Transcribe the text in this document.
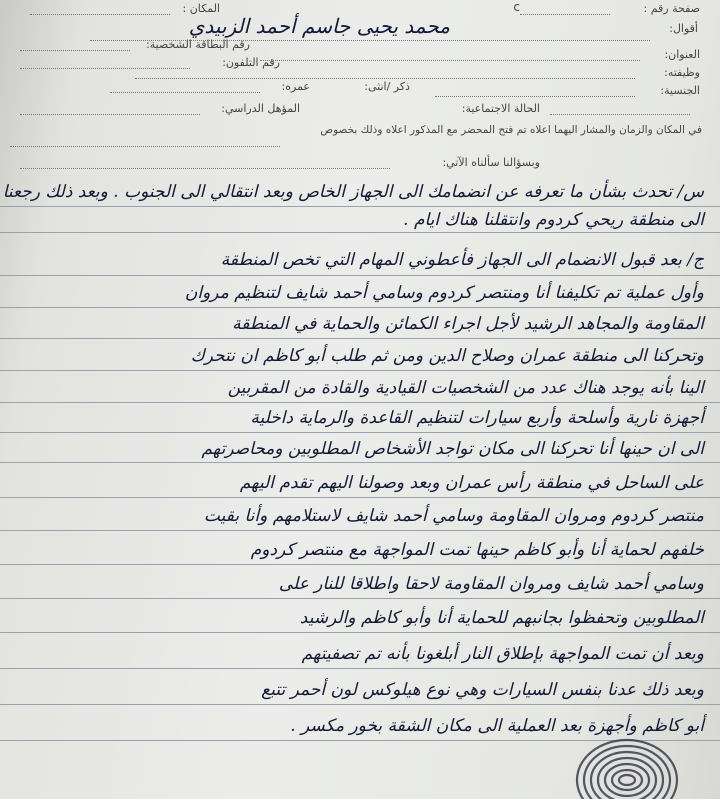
صفحة رقم :
c
المكان :
أقوال:
محمد يحيى جاسم أحمد الزبيدي
رقم البطاقة الشخصية:
العنوان:
رقم التلفون:
وظيفته:
عمره:	ذكر /انثى:	الجنسية:
الحالة الاجتماعية:
المؤهل الدراسي:
في المكان والزمان والمشار اليهما اعلاه تم فتح المحضر مع المذكور اعلاه وذلك بخصوص
وبسؤالنا سألناه الآتي:
س/ تحدث بشأن ما تعرفه عن انضمامك الى الجهاز الخاص وبعد انتقالي الى الجنوب . وبعد ذلك رجعنا
الى منطقة ريحي كردوم وانتقلنا هناك ايام .
ج/ بعد قبول الانضمام الى الجهاز فأعطوني المهام التي تخص المنطقة
وأول عملية تم تكليفنا أنا ومنتصر كردوم وسامي أحمد شايف لتنظيم مروان
المقاومة والمجاهد الرشيد لأجل اجراء الكمائن والحماية في المنطقة
وتحركنا الى منطقة عمران وصلاح الدين ومن ثم طلب أبو كاظم ان نتحرك
الينا بأنه يوجد هناك عدد من الشخصيات القيادية والقادة من المقربين
أجهزة نارية وأسلحة وأربع سيارات لتنظيم القاعدة والرماية داخلية
الى ان حينها أنا تحركنا الى مكان تواجد الأشخاص المطلوبين ومحاصرتهم
على الساحل في منطقة رأس عمران وبعد وصولنا اليهم تقدم اليهم
منتصر كردوم ومروان المقاومة وسامي أحمد شايف لاستلامهم وأنا بقيت
خلفهم لحماية أنا وأبو كاظم حينها تمت المواجهة مع منتصر كردوم
وسامي أحمد شايف ومروان المقاومة لاحقا واطلاقا للنار على
المطلوبين وتحفظوا بجانبهم للحماية أنا وأبو كاظم والرشيد
وبعد أن تمت المواجهة بإطلاق النار أبلغونا بأنه تم تصفيتهم
وبعد ذلك عدنا بنفس السيارات وهي نوع هيلوكس لون أحمر تتبع
أبو كاظم وأجهزة بعد العملية الى مكان الشقة بخور مكسر .
